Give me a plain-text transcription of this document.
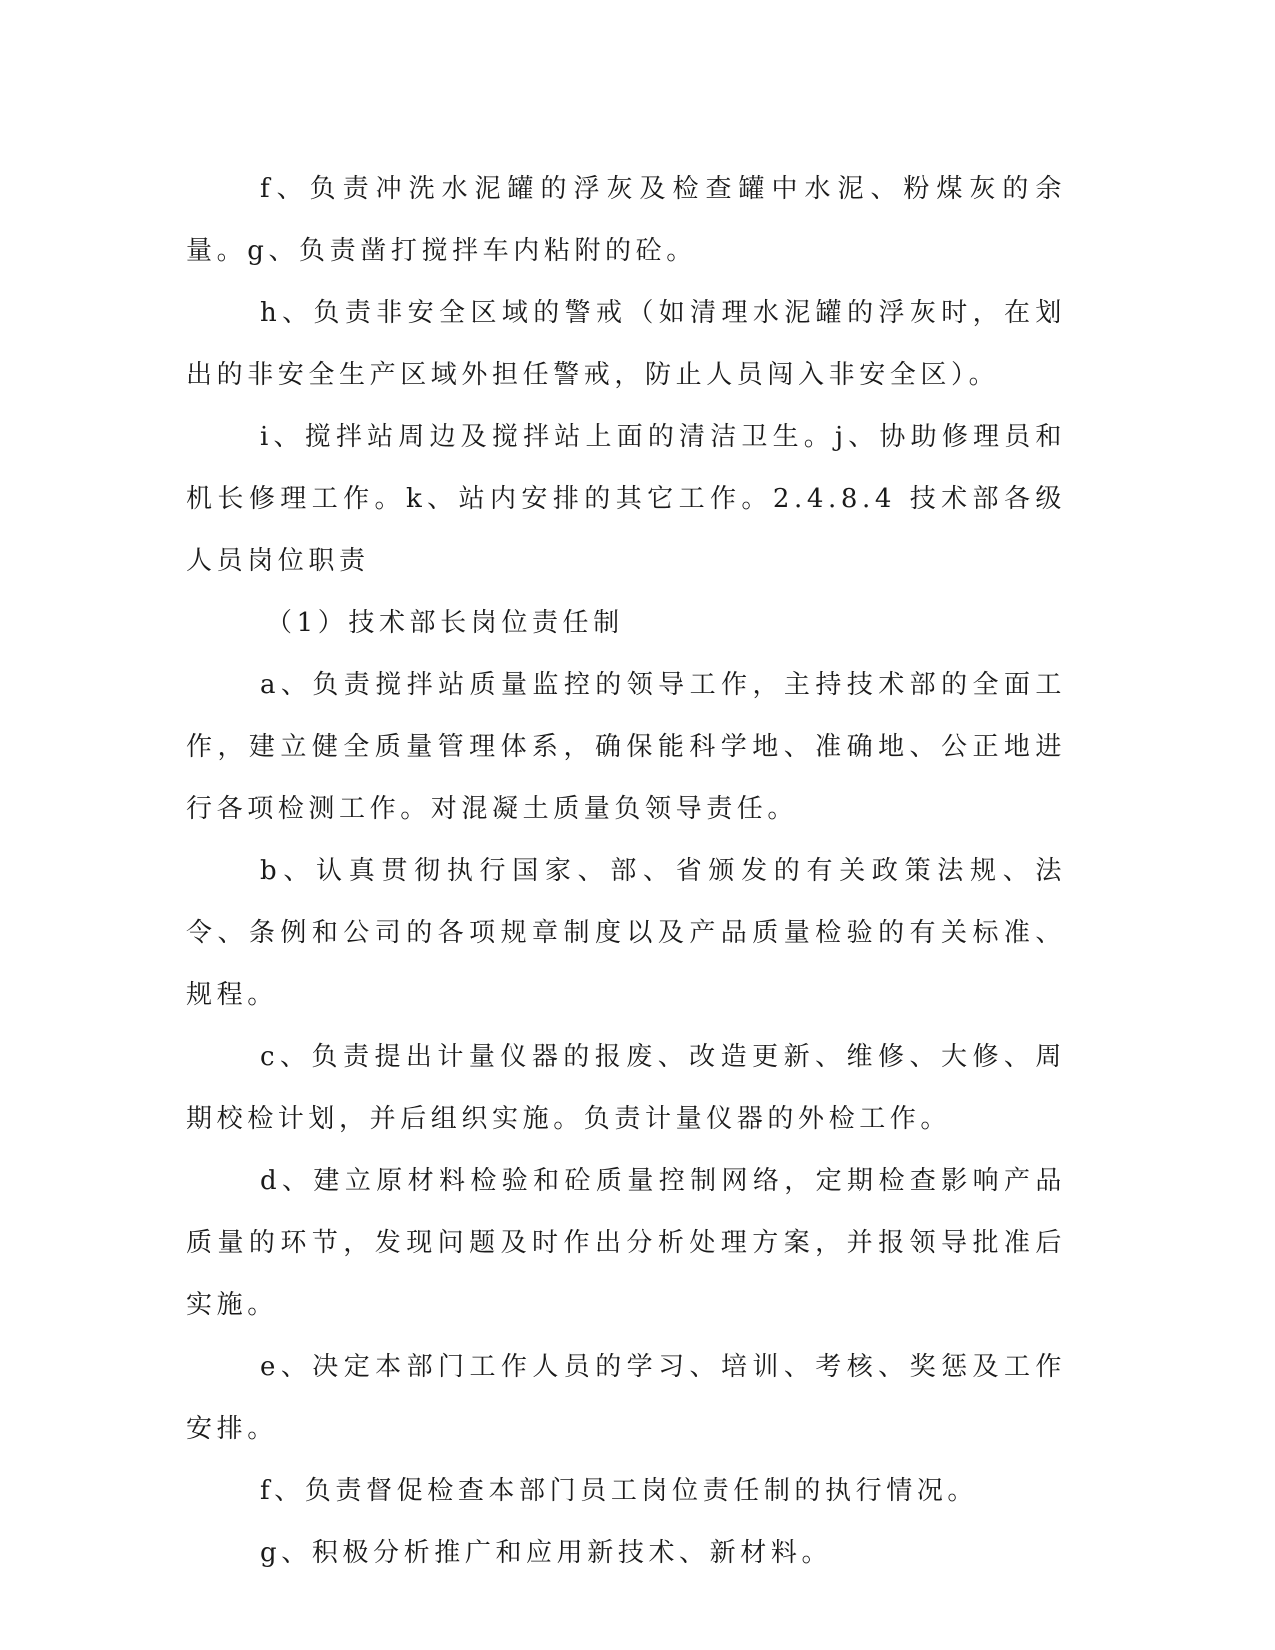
f、负责冲洗水泥罐的浮灰及检查罐中水泥、粉煤灰的余量。g、负责凿打搅拌车内粘附的砼。

h、负责非安全区域的警戒（如清理水泥罐的浮灰时，在划出的非安全生产区域外担任警戒，防止人员闯入非安全区）。

i、搅拌站周边及搅拌站上面的清洁卫生。j、协助修理员和机长修理工作。k、站内安排的其它工作。2.4.8.4 技术部各级人员岗位职责

（1）技术部长岗位责任制

a、负责搅拌站质量监控的领导工作，主持技术部的全面工作，建立健全质量管理体系，确保能科学地、准确地、公正地进行各项检测工作。对混凝土质量负领导责任。

b、认真贯彻执行国家、部、省颁发的有关政策法规、法令、条例和公司的各项规章制度以及产品质量检验的有关标准、规程。

c、负责提出计量仪器的报废、改造更新、维修、大修、周期校检计划，并后组织实施。负责计量仪器的外检工作。

d、建立原材料检验和砼质量控制网络，定期检查影响产品质量的环节，发现问题及时作出分析处理方案，并报领导批准后实施。

e、决定本部门工作人员的学习、培训、考核、奖惩及工作安排。

f、负责督促检查本部门员工岗位责任制的执行情况。

g、积极分析推广和应用新技术、新材料。
